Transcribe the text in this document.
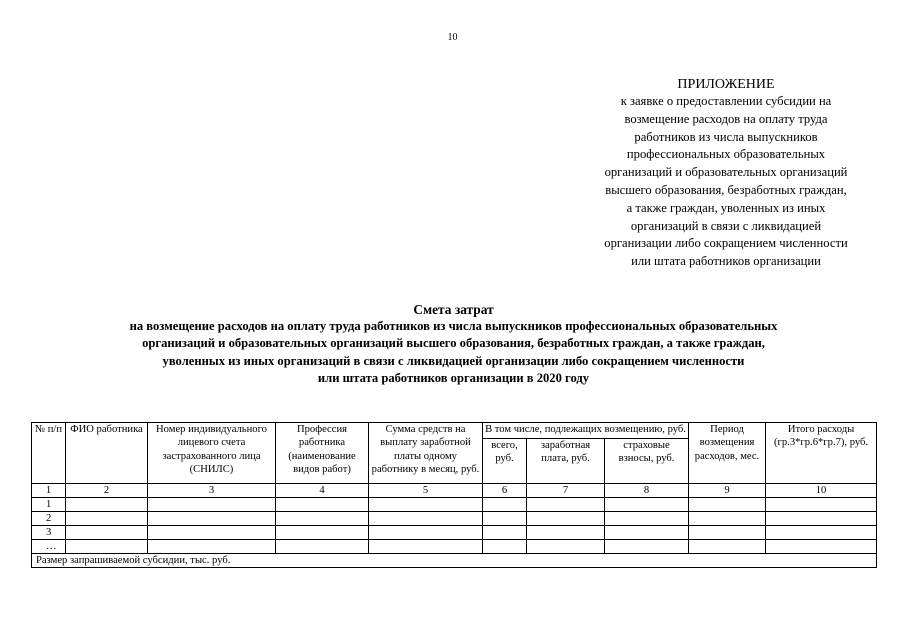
10
ПРИЛОЖЕНИЕ
к заявке о предоставлении субсидии на
возмещение расходов на оплату труда
работников из числа выпускников
профессиональных образовательных
организаций и образовательных организаций
высшего образования, безработных граждан,
а также граждан, уволенных из иных
организаций в связи с ликвидацией
организации либо сокращением численности
или штата работников организации
Смета затрат
на возмещение расходов на оплату труда работников из числа выпускников профессиональных образовательных
организаций и образовательных организаций высшего образования, безработных граждан, а также граждан,
уволенных из иных организаций в связи с ликвидацией организации либо сокращением численности
или штата работников организации в 2020 году
№ п/п	ФИО работника	Номер индивидуального лицевого счета застрахованного лица (СНИЛС)	Профессия работника (наименование видов работ)	Сумма средств на выплату заработной платы одному работнику в месяц, руб.	В том числе, подлежащих возмещению, руб.			Период возмещения расходов, мес.	Итого расходы (гр.3*гр.6*гр.7), руб.
					всего, руб.	заработная плата, руб.	страховые взносы, руб.		
1	2	3	4	5	6	7	8	9	10
1									
2									
3									
…									
Размер запрашиваемой субсидии, тыс. руб.									
